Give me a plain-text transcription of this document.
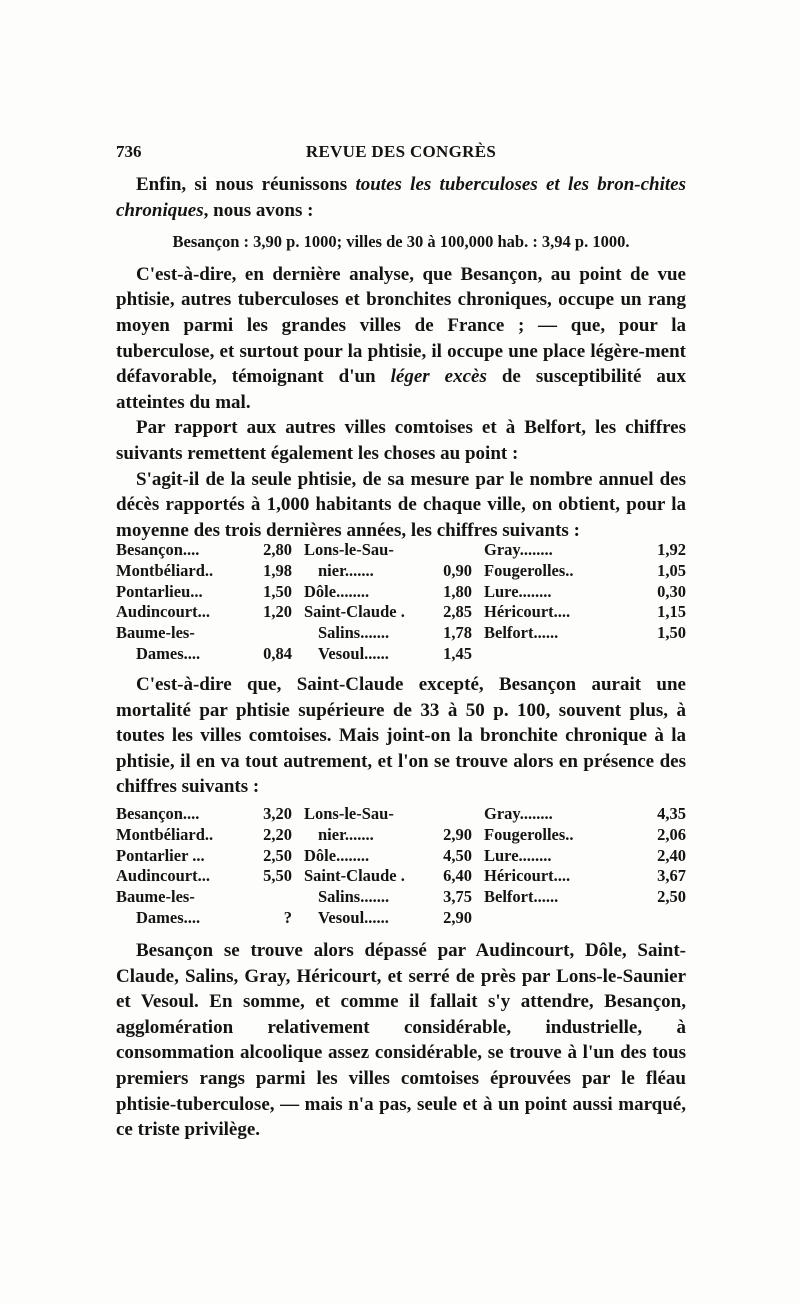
736	REVUE DES CONGRÈS

Enfin, si nous réunissons toutes les tuberculoses et les bron-chites chroniques, nous avons :

Besançon : 3,90 p. 1000; villes de 30 à 100,000 hab. : 3,94 p. 1000.

C'est-à-dire, en dernière analyse, que Besançon, au point de vue phtisie, autres tuberculoses et bronchites chroniques, occupe un rang moyen parmi les grandes villes de France ; — que, pour la tuberculose, et surtout pour la phtisie, il occupe une place légère-ment défavorable, témoignant d'un léger excès de susceptibilité aux atteintes du mal.

Par rapport aux autres villes comtoises et à Belfort, les chiffres suivants remettent également les choses au point :

S'agit-il de la seule phtisie, de sa mesure par le nombre annuel des décès rapportés à 1,000 habitants de chaque ville, on obtient, pour la moyenne des trois dernières années, les chiffres suivants :

Besançon....	2,80	Lons-le-Sau-		Gray........	1,92
Montbéliard..	1,98	nier.......	0,90	Fougerolles..	1,05
Pontarlieu...	1,50	Dôle........	1,80	Lure........	0,30
Audincourt...	1,20	Saint-Claude .	2,85	Héricourt....	1,15
Baume-les-		Salins.......	1,78	Belfort......	1,50
Dames....	0,84	Vesoul......	1,45		

C'est-à-dire que, Saint-Claude excepté, Besançon aurait une mortalité par phtisie supérieure de 33 à 50 p. 100, souvent plus, à toutes les villes comtoises. Mais joint-on la bronchite chronique à la phtisie, il en va tout autrement, et l'on se trouve alors en présence des chiffres suivants :

Besançon....	3,20	Lons-le-Sau-		Gray........	4,35
Montbéliard..	2,20	nier.......	2,90	Fougerolles..	2,06
Pontarlier ...	2,50	Dôle........	4,50	Lure........	2,40
Audincourt...	5,50	Saint-Claude .	6,40	Héricourt....	3,67
Baume-les-		Salins.......	3,75	Belfort......	2,50
Dames....	?	Vesoul......	2,90		

Besançon se trouve alors dépassé par Audincourt, Dôle, Saint-Claude, Salins, Gray, Héricourt, et serré de près par Lons-le-Saunier et Vesoul. En somme, et comme il fallait s'y attendre, Besançon, agglomération relativement considérable, industrielle, à consommation alcoolique assez considérable, se trouve à l'un des tous premiers rangs parmi les villes comtoises éprouvées par le fléau phtisie-tuberculose, — mais n'a pas, seule et à un point aussi marqué, ce triste privilège.
